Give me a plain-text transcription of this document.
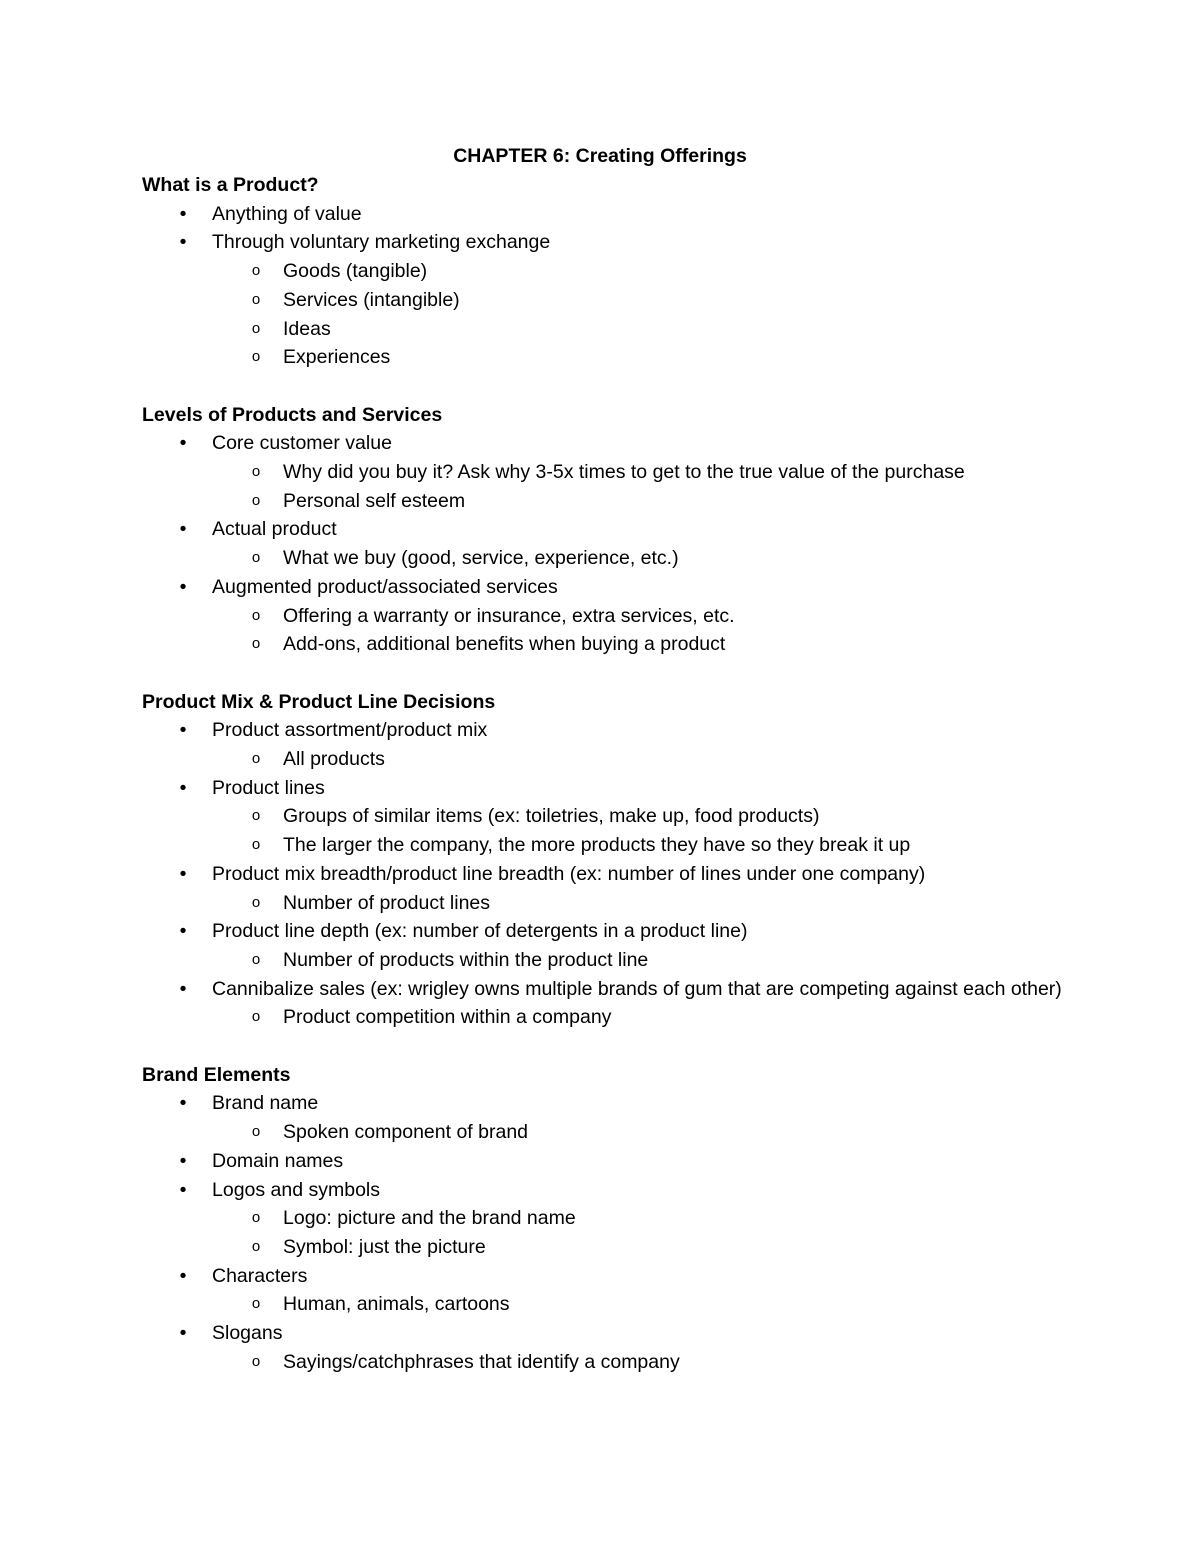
CHAPTER 6: Creating Offerings
What is a Product?
•	Anything of value
•	Through voluntary marketing exchange
o Goods (tangible)
o Services (intangible)
o Ideas
o Experiences
Levels of Products and Services
•	Core customer value
o Why did you buy it? Ask why 3-5x times to get to the true value of the purchase
o Personal self esteem
•	Actual product
o What we buy (good, service, experience, etc.)
•	Augmented product/associated services
o Offering a warranty or insurance, extra services, etc.
o Add-ons, additional benefits when buying a product
Product Mix & Product Line Decisions
•	Product assortment/product mix
o All products
•	Product lines
o Groups of similar items (ex: toiletries, make up, food products)
o The larger the company, the more products they have so they break it up
•	Product mix breadth/product line breadth (ex: number of lines under one company)
o Number of product lines
•	Product line depth (ex: number of detergents in a product line)
o Number of products within the product line
•	Cannibalize sales (ex: wrigley owns multiple brands of gum that are competing against each other)
o Product competition within a company
Brand Elements
•	Brand name
o Spoken component of brand
•	Domain names
•	Logos and symbols
o Logo: picture and the brand name
o Symbol: just the picture
•	Characters
o Human, animals, cartoons
•	Slogans
o Sayings/catchphrases that identify a company
